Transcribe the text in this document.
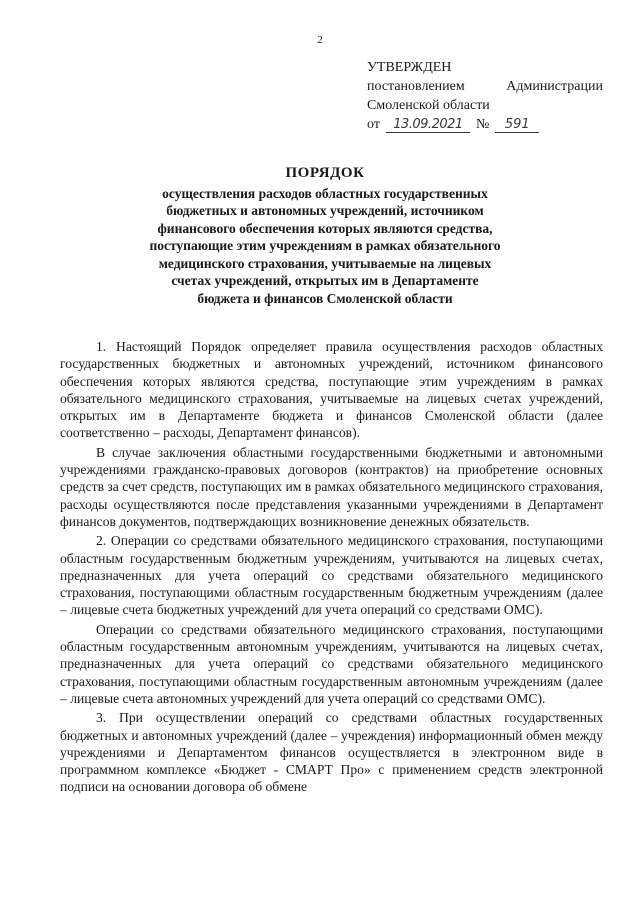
2
УТВЕРЖДЕН
постановлением	Администрации
Смоленской области
от	13.09.2021 №	591
ПОРЯДОК
осуществления расходов областных государственных
бюджетных и автономных учреждений, источником
финансового обеспечения которых являются средства,
поступающие этим учреждениям в рамках обязательного
медицинского страхования, учитываемые на лицевых
счетах учреждений, открытых им в Департаменте
бюджета и финансов Смоленской области

1. Настоящий Порядок определяет правила осуществления расходов областных государственных бюджетных и автономных учреждений, источником финансового обеспечения которых являются средства, поступающие этим учреждениям в рамках обязательного медицинского страхования, учитываемые на лицевых счетах учреждений, открытых им в Департаменте бюджета и финансов Смоленской области (далее соответственно – расходы, Департамент финансов).

В случае заключения областными государственными бюджетными и автономными учреждениями гражданско-правовых договоров (контрактов) на приобретение основных средств за счет средств, поступающих им в рамках обязательного медицинского страхования, расходы осуществляются после представления указанными учреждениями в Департамент финансов документов, подтверждающих возникновение денежных обязательств.

2. Операции со средствами обязательного медицинского страхования, поступающими областным государственным бюджетным учреждениям, учитываются на лицевых счетах, предназначенных для учета операций со средствами обязательного медицинского страхования, поступающими областным государственным бюджетным учреждениям (далее – лицевые счета бюджетных учреждений для учета операций со средствами ОМС).

Операции со средствами обязательного медицинского страхования, поступающими областным государственным автономным учреждениям, учитываются на лицевых счетах, предназначенных для учета операций со средствами обязательного медицинского страхования, поступающими областным государственным автономным учреждениям (далее – лицевые счета автономных учреждений для учета операций со средствами ОМС).

3. При осуществлении операций со средствами областных государственных бюджетных и автономных учреждений (далее – учреждения) информационный обмен между учреждениями и Департаментом финансов осуществляется в электронном виде в программном комплексе «Бюджет - СМАРТ Про» с применением средств электронной подписи на основании договора об обмене
